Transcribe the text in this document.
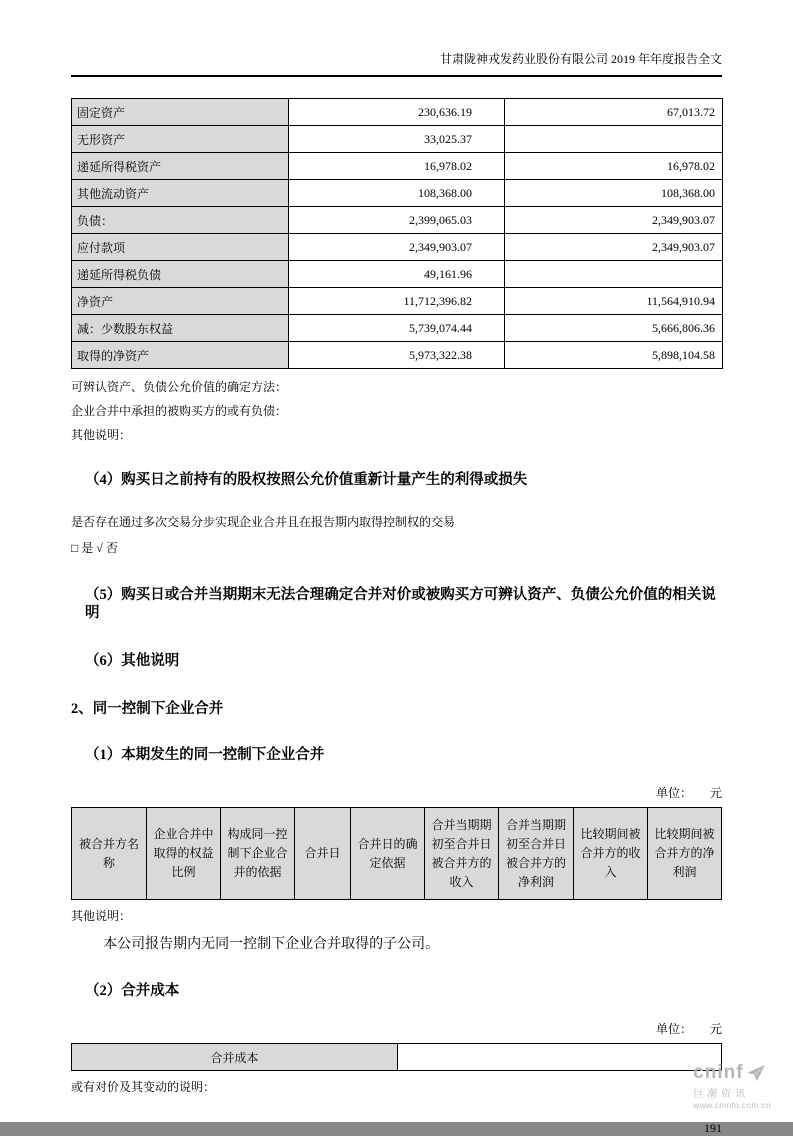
甘肃陇神戎发药业股份有限公司 2019 年年度报告全文
固定资产	230,636.19	67,013.72
无形资产	33,025.37	
递延所得税资产	16,978.02	16,978.02
其他流动资产	108,368.00	108,368.00
负债：	2,399,065.03	2,349,903.07
应付款项	2,349,903.07	2,349,903.07
递延所得税负债	49,161.96	
净资产	11,712,396.82	11,564,910.94
减：少数股东权益	5,739,074.44	5,666,806.36
取得的净资产	5,973,322.38	5,898,104.58

可辨认资产、负债公允价值的确定方法：

企业合并中承担的被购买方的或有负债：

其他说明：

（4）购买日之前持有的股权按照公允价值重新计量产生的利得或损失

是否存在通过多次交易分步实现企业合并且在报告期内取得控制权的交易

□ 是 √ 否

（5）购买日或合并当期期末无法合理确定合并对价或被购买方可辨认资产、负债公允价值的相关说明
（6）其他说明
2、同一控制下企业合并
（1）本期发生的同一控制下企业合并
单位：　　元
被合并方名称	企业合并中取得的权益比例	构成同一控制下企业合并的依据	合并日	合并日的确定依据	合并当期期初至合并日被合并方的收入	合并当期期初至合并日被合并方的净利润	比较期间被合并方的收入	比较期间被合并方的净利润

其他说明：

本公司报告期内无同一控制下企业合并取得的子公司。

（2）合并成本
单位：　　元
合并成本	

或有对价及其变动的说明：

191
cninf
巨潮资讯
www.cninfo.com.cn
